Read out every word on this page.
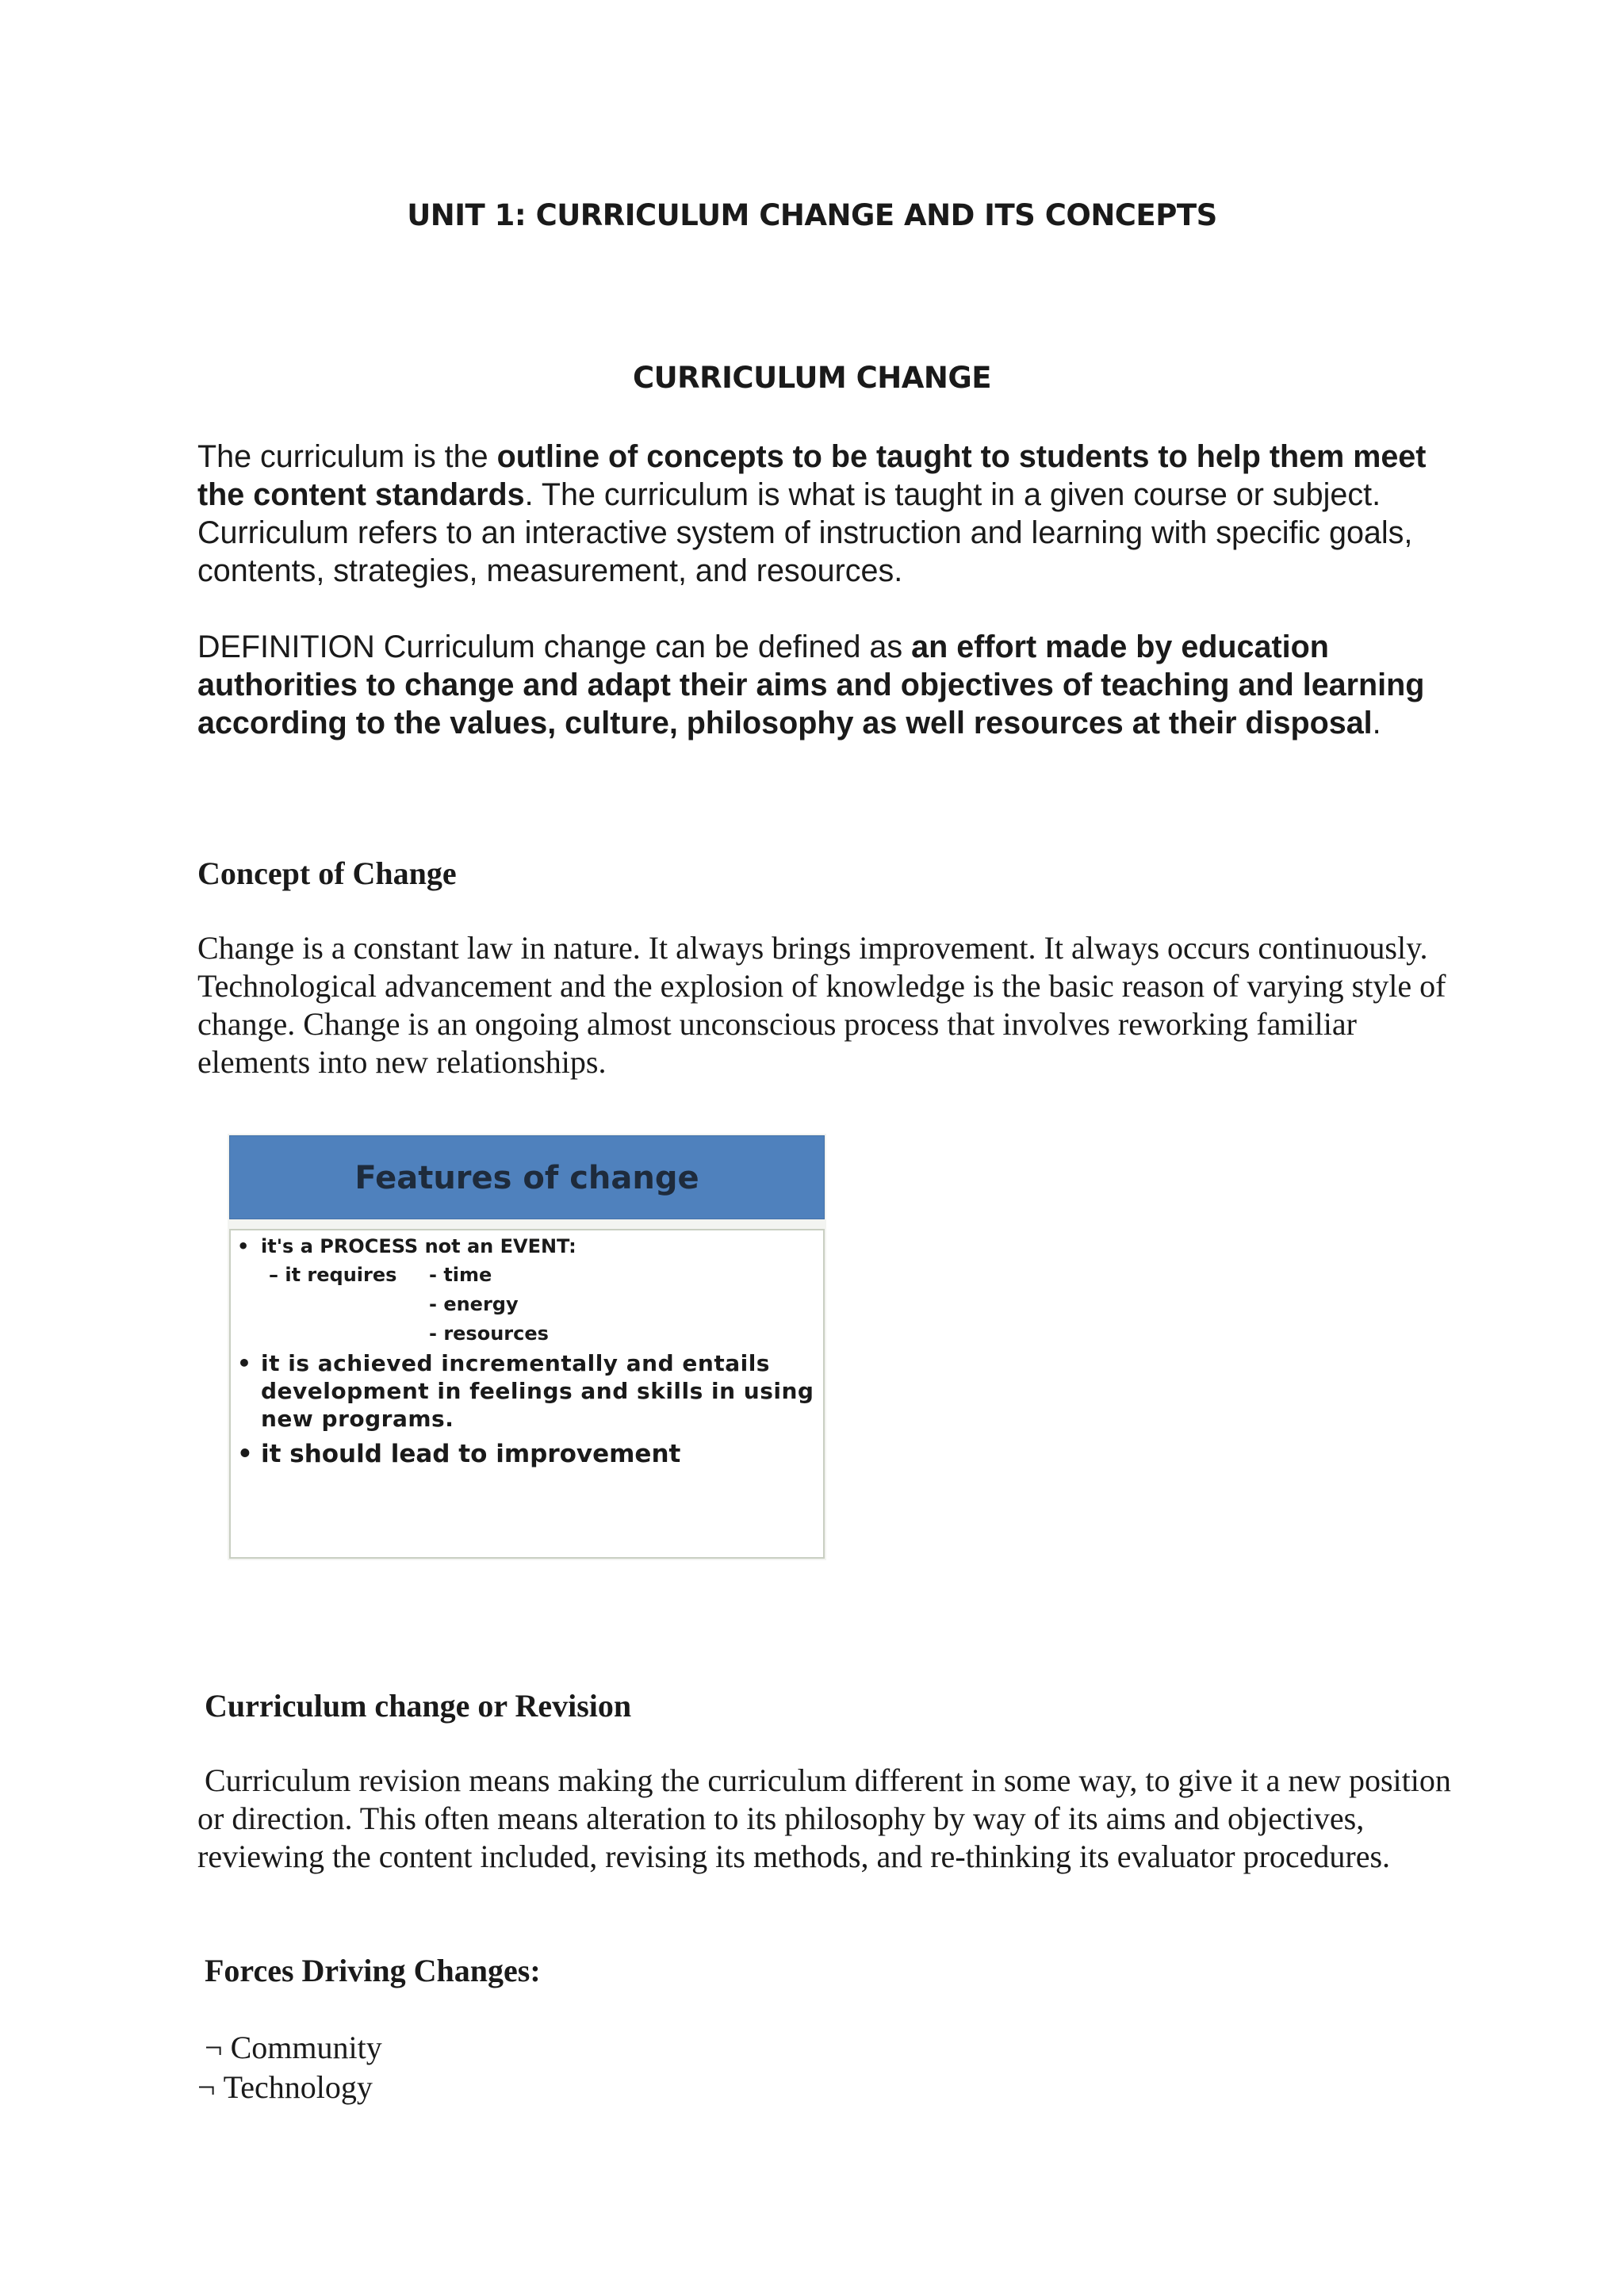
UNIT 1: CURRICULUM CHANGE AND ITS CONCEPTS
CURRICULUM CHANGE

The curriculum is the outline of concepts to be taught to students to help them meet the content standards. The curriculum is what is taught in a given course or subject. Curriculum refers to an interactive system of instruction and learning with specific goals, contents, strategies, measurement, and resources.

DEFINITION Curriculum change can be defined as an effort made by education authorities to change and adapt their aims and objectives of teaching and learning according to the values, culture, philosophy as well resources at their disposal.

Concept of Change

Change is a constant law in nature. It always brings improvement. It always occurs continuously. Technological advancement and the explosion of knowledge is the basic reason of varying style of change. Change is an ongoing almost unconscious process that involves reworking familiar elements into new relationships.

Features of change
• it's a PROCESS not an EVENT:
– it requires - time
- energy
- resources
• it is achieved incrementally and entails
development in feelings and skills in using
new programs.
• it should lead to improvement

Curriculum change or Revision

Curriculum revision means making the curriculum different in some way, to give it a new position or direction. This often means alteration to its philosophy by way of its aims and objectives, reviewing the content included, revising its methods, and re-thinking its evaluator procedures.

Forces Driving Changes:

¬ Community
¬ Technology
